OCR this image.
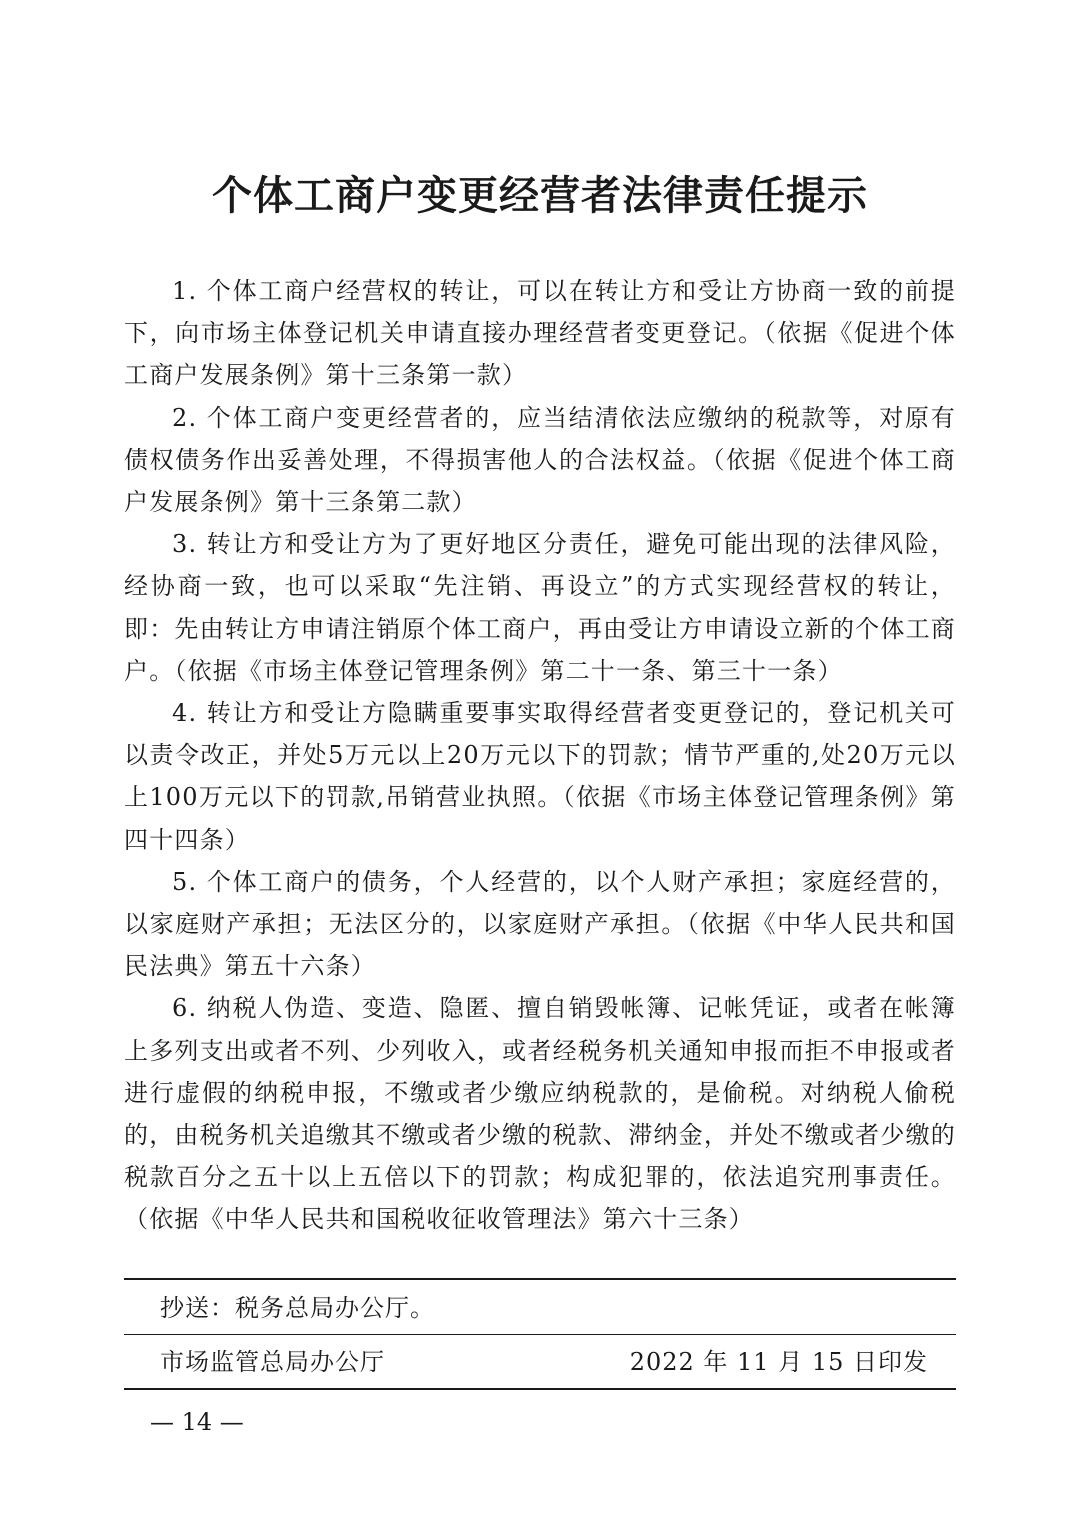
个体工商户变更经营者法律责任提示

1. 个体工商户经营权的转让，可以在转让方和受让方协商一致的前提下，向市场主体登记机关申请直接办理经营者变更登记。（依据《促进个体工商户发展条例》第十三条第一款）

2. 个体工商户变更经营者的，应当结清依法应缴纳的税款等，对原有债权债务作出妥善处理，不得损害他人的合法权益。（依据《促进个体工商户发展条例》第十三条第二款）

3. 转让方和受让方为了更好地区分责任，避免可能出现的法律风险，经协商一致，也可以采取“先注销、再设立”的方式实现经营权的转让，即：先由转让方申请注销原个体工商户，再由受让方申请设立新的个体工商户。（依据《市场主体登记管理条例》第二十一条、第三十一条）

4. 转让方和受让方隐瞒重要事实取得经营者变更登记的，登记机关可以责令改正，并处5万元以上20万元以下的罚款；情节严重的,处20万元以上100万元以下的罚款,吊销营业执照。（依据《市场主体登记管理条例》第四十四条）

5. 个体工商户的债务，个人经营的，以个人财产承担；家庭经营的，以家庭财产承担；无法区分的，以家庭财产承担。（依据《中华人民共和国民法典》第五十六条）

6. 纳税人伪造、变造、隐匿、擅自销毁帐簿、记帐凭证，或者在帐簿上多列支出或者不列、少列收入，或者经税务机关通知申报而拒不申报或者进行虚假的纳税申报，不缴或者少缴应纳税款的，是偷税。对纳税人偷税的，由税务机关追缴其不缴或者少缴的税款、滞纳金，并处不缴或者少缴的税款百分之五十以上五倍以下的罚款；构成犯罪的，依法追究刑事责任。（依据《中华人民共和国税收征收管理法》第六十三条）

抄送：税务总局办公厅。
市场监管总局办公厅	2022 年 11 月 15 日印发
— 14 —
